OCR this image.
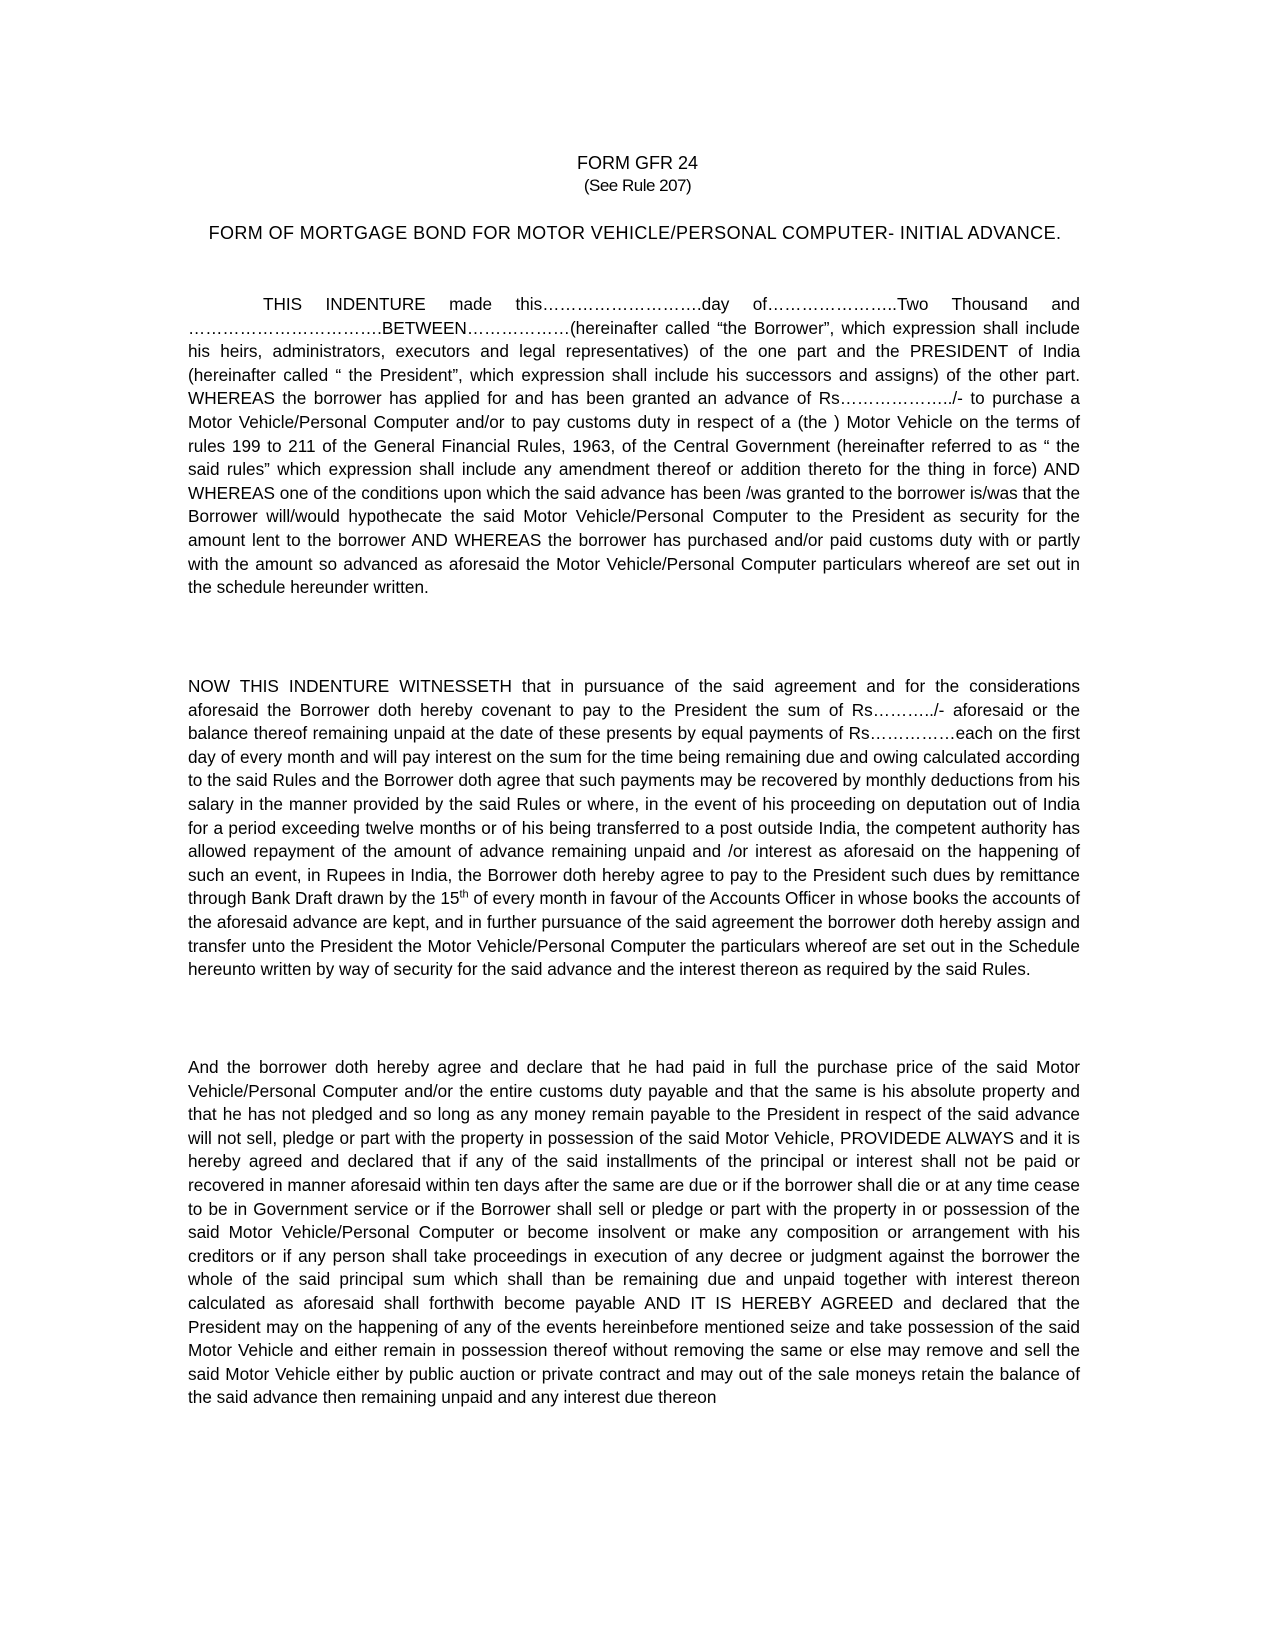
FORM GFR 24

(See Rule 207)

FORM OF MORTGAGE BOND FOR MOTOR VEHICLE/PERSONAL COMPUTER- INITIAL ADVANCE.

THIS INDENTURE made this……………………….day of…………………..Two Thousand and …………………………….BETWEEN………………(hereinafter called “the Borrower”, which expression shall include his heirs, administrators, executors and legal representatives) of the one part and the PRESIDENT of India (hereinafter called “ the President”, which expression shall include his successors and assigns) of the other part. WHEREAS the borrower has applied for and has been granted an advance of Rs………………../- to purchase a Motor Vehicle/Personal Computer and/or to pay customs duty in respect of a (the ) Motor Vehicle on the terms of rules 199 to 211 of the General Financial Rules, 1963, of the Central Government (hereinafter referred to as “ the said rules” which expression shall include any amendment thereof or addition thereto for the thing in force) AND WHEREAS one of the conditions upon which the said advance has been /was granted to the borrower is/was that the Borrower will/would hypothecate the said Motor Vehicle/Personal Computer to the President as security for the amount lent to the borrower AND WHEREAS the borrower has purchased and/or paid customs duty with or partly with the amount so advanced as aforesaid the Motor Vehicle/Personal Computer particulars whereof are set out in the schedule hereunder written.

NOW THIS INDENTURE WITNESSETH that in pursuance of the said agreement and for the considerations aforesaid the Borrower doth hereby covenant to pay to the President the sum of Rs………../- aforesaid or the balance thereof remaining unpaid at the date of these presents by equal payments of Rs……………each on the first day of every month and will pay interest on the sum for the time being remaining due and owing calculated according to the said Rules and the Borrower doth agree that such payments may be recovered by monthly deductions from his salary in the manner provided by the said Rules or where, in the event of his proceeding on deputation out of India for a period exceeding twelve months or of his being transferred to a post outside India, the competent authority has allowed repayment of the amount of advance remaining unpaid and /or interest as aforesaid on the happening of such an event, in Rupees in India, the Borrower doth hereby agree to pay to the President such dues by remittance through Bank Draft drawn by the 15th of every month in favour of the Accounts Officer in whose books the accounts of the aforesaid advance are kept, and in further pursuance of the said agreement the borrower doth hereby assign and transfer unto the President the Motor Vehicle/Personal Computer the particulars whereof are set out in the Schedule hereunto written by way of security for the said advance and the interest thereon as required by the said Rules.

And the borrower doth hereby agree and declare that he had paid in full the purchase price of the said Motor Vehicle/Personal Computer and/or the entire customs duty payable and that the same is his absolute property and that he has not pledged and so long as any money remain payable to the President in respect of the said advance will not sell, pledge or part with the property in possession of the said Motor Vehicle, PROVIDEDE ALWAYS and it is hereby agreed and declared that if any of the said installments of the principal or interest shall not be paid or recovered in manner aforesaid within ten days after the same are due or if the borrower shall die or at any time cease to be in Government service or if the Borrower shall sell or pledge or part with the property in or possession of the said Motor Vehicle/Personal Computer or become insolvent or make any composition or arrangement with his creditors or if any person shall take proceedings in execution of any decree or judgment against the borrower the whole of the said principal sum which shall than be remaining due and unpaid together with interest thereon calculated as aforesaid shall forthwith become payable AND IT IS HEREBY AGREED and declared that the President may on the happening of any of the events hereinbefore mentioned seize and take possession of the said Motor Vehicle and either remain in possession thereof without removing the same or else may remove and sell the said Motor Vehicle either by public auction or private contract and may out of the sale moneys retain the balance of the said advance then remaining unpaid and any interest due thereon
